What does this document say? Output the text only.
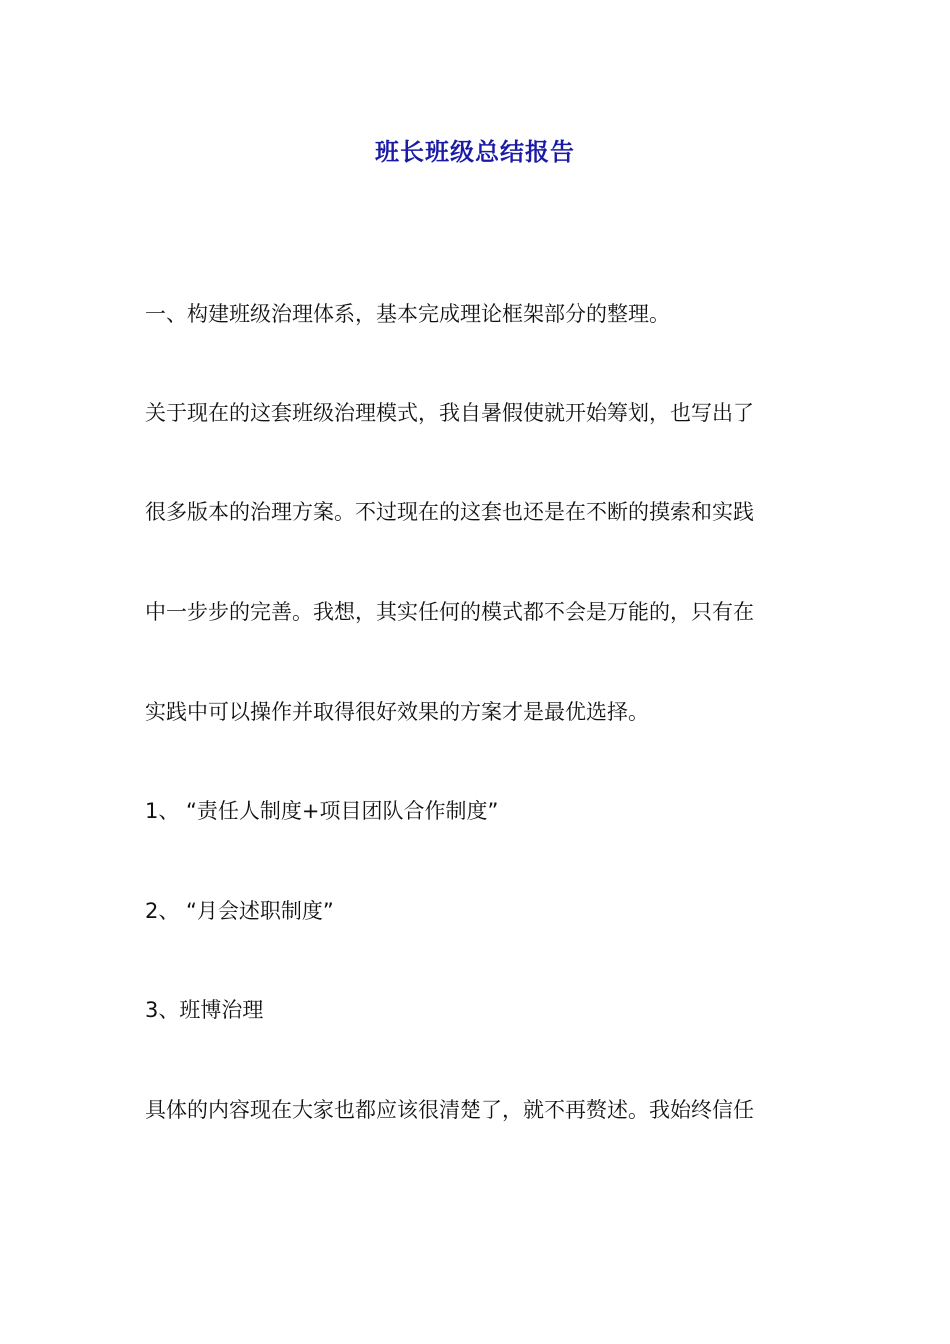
班长班级总结报告
一、构建班级治理体系，基本完成理论框架部分的整理。
关于现在的这套班级治理模式，我自暑假使就开始筹划，也写出了
很多版本的治理方案。不过现在的这套也还是在不断的摸索和实践
中一步步的完善。我想，其实任何的模式都不会是万能的，只有在
实践中可以操作并取得很好效果的方案才是最优选择。
1、 “责任人制度+项目团队合作制度”
2、 “月会述职制度”
3、班博治理
具体的内容现在大家也都应该很清楚了，就不再赘述。我始终信任
